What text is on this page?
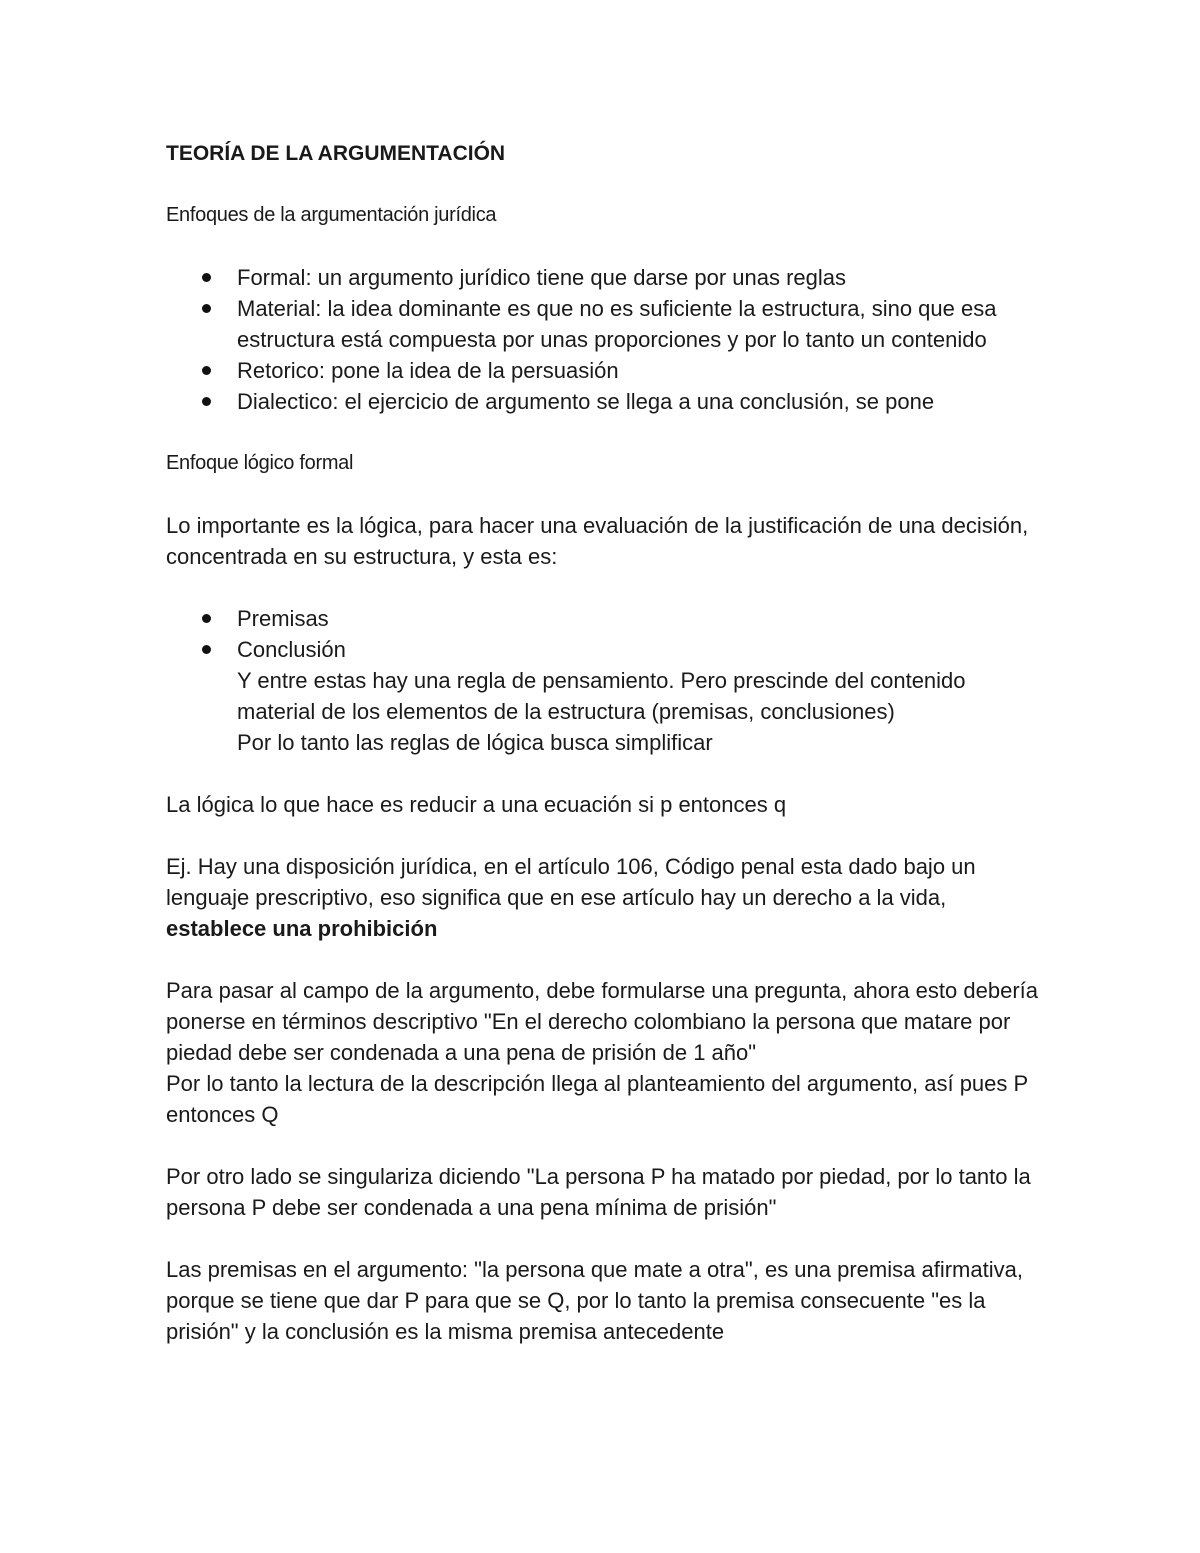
TEORÍA DE LA ARGUMENTACIÓN

Enfoques de la argumentación jurídica

Formal: un argumento jurídico tiene que darse por unas reglas
Material: la idea dominante es que no es suficiente la estructura, sino que esa estructura está compuesta por unas proporciones y por lo tanto un contenido
Retorico: pone la idea de la persuasión
Dialectico: el ejercicio de argumento se llega a una conclusión, se pone

Enfoque lógico formal

Lo importante es la lógica, para hacer una evaluación de la justificación de una decisión, concentrada en su estructura, y esta es:

Premisas
Conclusión

Y entre estas hay una regla de pensamiento. Pero prescinde del contenido material de los elementos de la estructura (premisas, conclusiones)

Por lo tanto las reglas de lógica busca simplificar

La lógica lo que hace es reducir a una ecuación si p entonces q

Ej. Hay una disposición jurídica, en el artículo 106, Código penal esta dado bajo un lenguaje prescriptivo, eso significa que en ese artículo hay un derecho a la vida,
establece una prohibición

Para pasar al campo de la argumento, debe formularse una pregunta, ahora esto debería ponerse en términos descriptivo "En el derecho colombiano la persona que matare por piedad debe ser condenada a una pena de prisión de 1 año"

Por lo tanto la lectura de la descripción llega al planteamiento del argumento, así pues P entonces Q

Por otro lado se singulariza diciendo "La persona P ha matado por piedad, por lo tanto la persona P debe ser condenada a una pena mínima de prisión"

Las premisas en el argumento: "la persona que mate a otra", es una premisa afirmativa, porque se tiene que dar P para que se Q, por lo tanto la premisa consecuente "es la prisión" y la conclusión es la misma premisa antecedente
